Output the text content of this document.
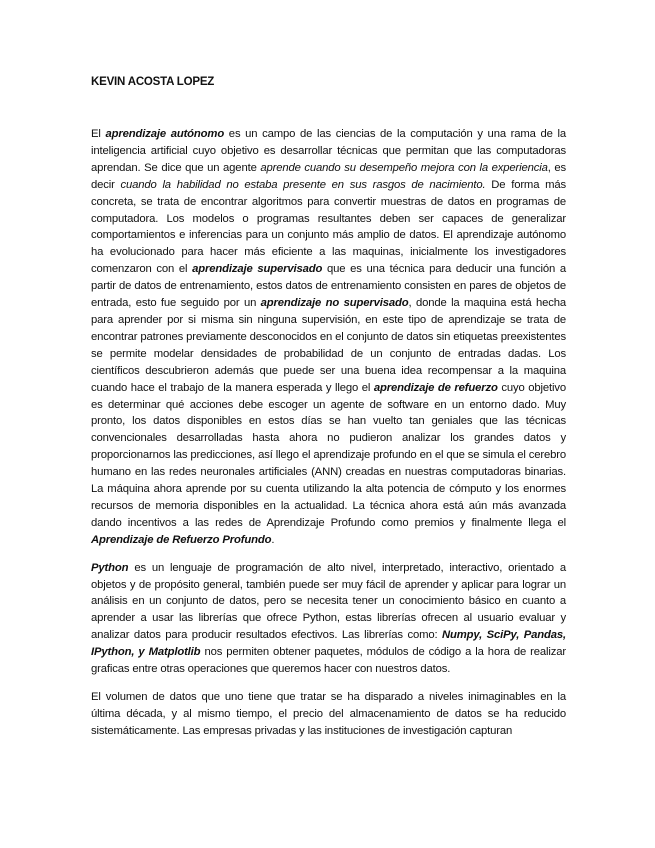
KEVIN ACOSTA LOPEZ

El aprendizaje autónomo es un campo de las ciencias de la computación y una rama de la inteligencia artificial cuyo objetivo es desarrollar técnicas que permitan que las computadoras aprendan. Se dice que un agente aprende cuando su desempeño mejora con la experiencia, es decir cuando la habilidad no estaba presente en sus rasgos de nacimiento. De forma más concreta, se trata de encontrar algoritmos para convertir muestras de datos en programas de computadora. Los modelos o programas resultantes deben ser capaces de generalizar comportamientos e inferencias para un conjunto más amplio de datos. El aprendizaje autónomo ha evolucionado para hacer más eficiente a las maquinas, inicialmente los investigadores comenzaron con el aprendizaje supervisado que es una técnica para deducir una función a partir de datos de entrenamiento, estos datos de entrenamiento consisten en pares de objetos de entrada, esto fue seguido por un aprendizaje no supervisado, donde la maquina está hecha para aprender por si misma sin ninguna supervisión, en este tipo de aprendizaje se trata de encontrar patrones previamente desconocidos en el conjunto de datos sin etiquetas preexistentes se permite modelar densidades de probabilidad de un conjunto de entradas dadas. Los científicos descubrieron además que puede ser una buena idea recompensar a la maquina cuando hace el trabajo de la manera esperada y llego el aprendizaje de refuerzo cuyo objetivo es determinar qué acciones debe escoger un agente de software en un entorno dado. Muy pronto, los datos disponibles en estos días se han vuelto tan geniales que las técnicas convencionales desarrolladas hasta ahora no pudieron analizar los grandes datos y proporcionarnos las predicciones, así llego el aprendizaje profundo en el que se simula el cerebro humano en las redes neuronales artificiales (ANN) creadas en nuestras computadoras binarias. La máquina ahora aprende por su cuenta utilizando la alta potencia de cómputo y los enormes recursos de memoria disponibles en la actualidad. La técnica ahora está aún más avanzada dando incentivos a las redes de Aprendizaje Profundo como premios y finalmente llega el Aprendizaje de Refuerzo Profundo.

Python es un lenguaje de programación de alto nivel, interpretado, interactivo, orientado a objetos y de propósito general, también puede ser muy fácil de aprender y aplicar para lograr un análisis en un conjunto de datos, pero se necesita tener un conocimiento básico en cuanto a aprender a usar las librerías que ofrece Python, estas librerías ofrecen al usuario evaluar y analizar datos para producir resultados efectivos. Las librerías como: Numpy, SciPy, Pandas, IPython, y Matplotlib nos permiten obtener paquetes, módulos de código a la hora de realizar graficas entre otras operaciones que queremos hacer con nuestros datos.

El volumen de datos que uno tiene que tratar se ha disparado a niveles inimaginables en la última década, y al mismo tiempo, el precio del almacenamiento de datos se ha reducido sistemáticamente. Las empresas privadas y las instituciones de investigación capturan
